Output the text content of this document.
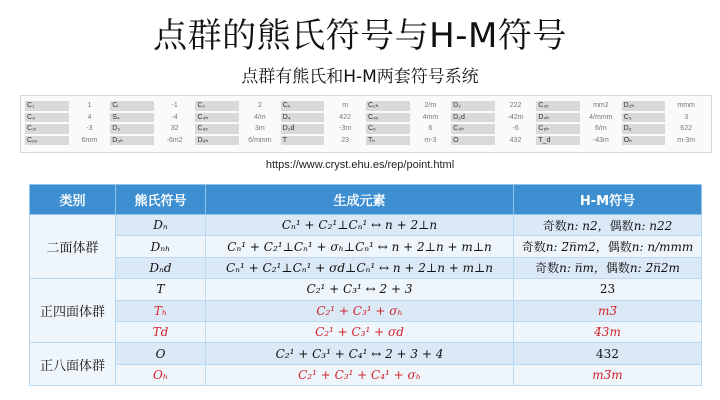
点群的熊氏符号与H-M符号
点群有熊氏和H-M两套符号系统
C₁	1	Cᵢ	-1	C₂	2	Cₛ	m	C₂ₕ	2/m	D₂	222	C₂ᵥ	mm2	D₂ₕ	mmm
C₄	4	S₄	-4	C₄ₕ	4/m	D₄	422	C₄ᵥ	4mm	D₂d	-42m	D₄ₕ	4/mmm	C₃	3
C₃ᵢ	-3	D₃	32	C₃ᵥ	3m	D₃d	-3m	C₆	6	C₃ₕ	-6	C₆ₕ	6/m	D₆	622
C₆ᵥ	6mm	D₃ₕ	-6m2	D₆ₕ	6/mmm	T	23	Tₕ	m-3	O	432	T_d	-43m	Oₕ	m-3m
https://www.cryst.ehu.es/rep/point.html
类别	熊氏符号	生成元素	H-M符号
二面体群	Dₙ	Cₙ¹ + C₂¹⊥Cₙ¹ ↔ n + 2⊥n	奇数n: n2，偶数n: n22
	Dₙₕ	Cₙ¹ + C₂¹⊥Cₙ¹ + σₕ⊥Cₙ¹ ↔ n + 2⊥n + m⊥n	奇数n: 2̅n̅m2，偶数n: n/mmm
	Dₙd	Cₙ¹ + C₂¹⊥Cₙ¹ + σd⊥Cₙ¹ ↔ n + 2⊥n + m⊥n	奇数n: n̅m，偶数n: 2̅n̅2m
正四面体群	T	C₂¹ + C₃¹ ↔ 2 + 3	23
	Tₕ	C₂¹ + C₃¹ + σₕ	m3̅
	Td	C₂¹ + C₃¹ + σd	4̅3m
正八面体群	O	C₂¹ + C₃¹ + C₄¹ ↔ 2 + 3 + 4	432
	Oₕ	C₂¹ + C₃¹ + C₄¹ + σₕ	m3̅m
